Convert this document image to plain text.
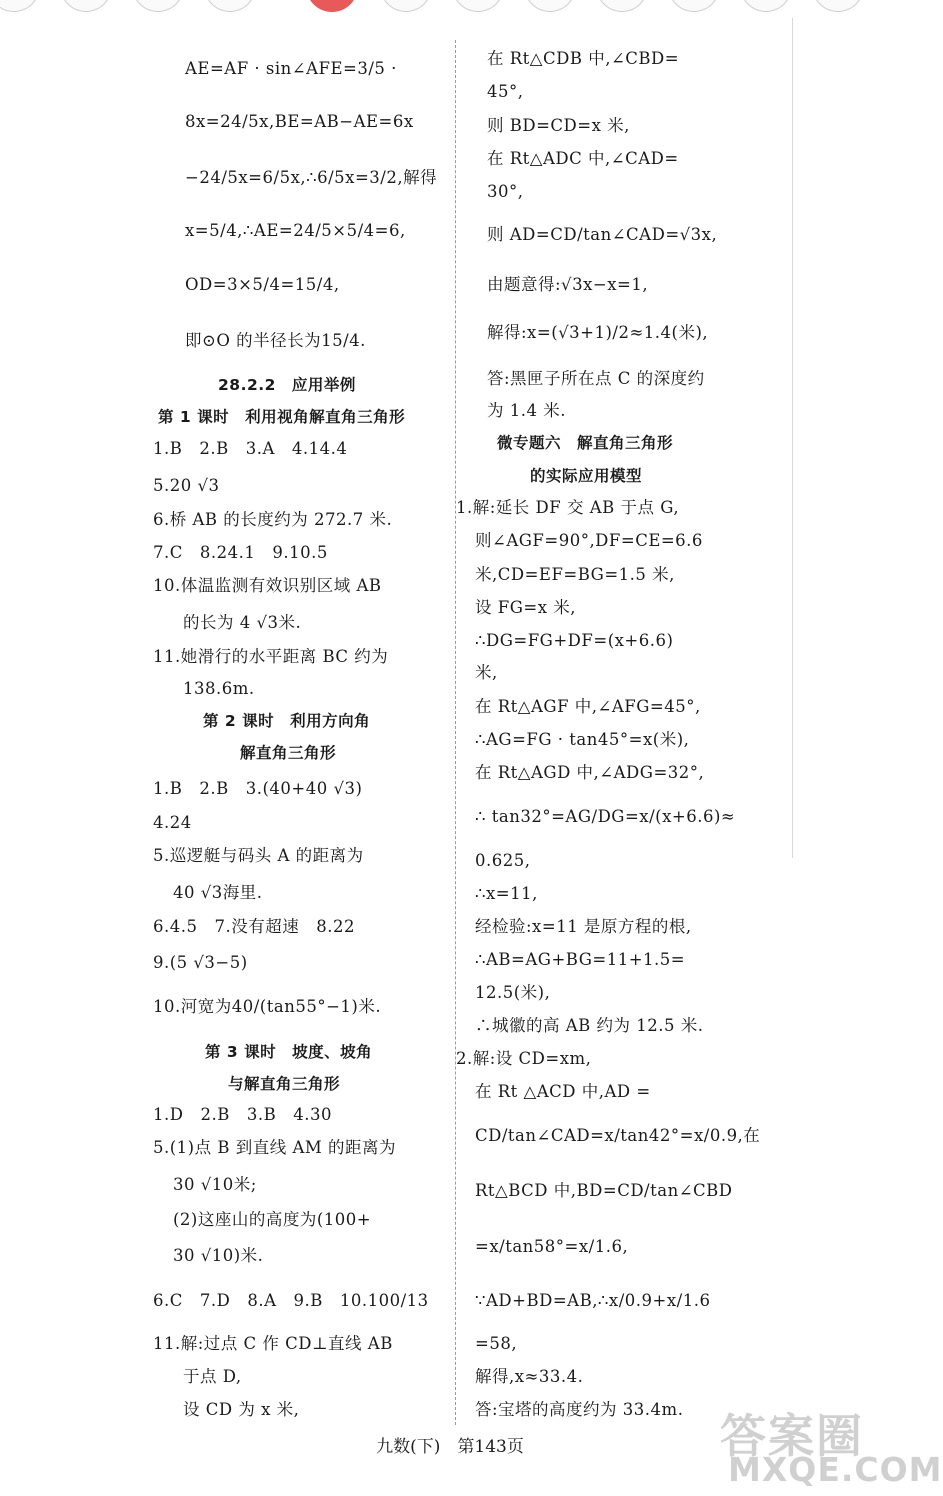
AE=AF · sin∠AFE=3/5 ·
8x=24/5x,BE=AB−AE=6x
−24/5x=6/5x,∴6/5x=3/2,解得
x=5/4,∴AE=24/5×5/4=6,
OD=3×5/4=15/4,
即⊙O 的半径长为15/4.
28.2.2　应用举例
第 1 课时　利用视角解直角三角形
1.B　2.B　3.A　4.14.4
5.20 √3
6.桥 AB 的长度约为 272.7 米.
7.C　8.24.1　9.10.5
10.体温监测有效识别区域 AB
的长为 4 √3米.
11.她滑行的水平距离 BC 约为
138.6m.
第 2 课时　利用方向角
解直角三角形
1.B　2.B　3.(40+40 √3)
4.24
5.巡逻艇与码头 A 的距离为
40 √3海里.
6.4.5　7.没有超速　8.22
9.(5 √3−5)
10.河宽为40/(tan55°−1)米.
第 3 课时　坡度、坡角
与解直角三角形
1.D　2.B　3.B　4.30
5.(1)点 B 到直线 AM 的距离为
30 √10米;
(2)这座山的高度为(100+
30 √10)米.
6.C　7.D　8.A　9.B　10.100/13
11.解:过点 C 作 CD⊥直线 AB
于点 D,
设 CD 为 x 米,
在 Rt△CDB 中,∠CBD=
45°,
则 BD=CD=x 米,
在 Rt△ADC 中,∠CAD=
30°,
则 AD=CD/tan∠CAD=√3x,
由题意得:√3x−x=1,
解得:x=(√3+1)/2≈1.4(米),
答:黑匣子所在点 C 的深度约
为 1.4 米.
微专题六　解直角三角形
的实际应用模型
1.解:延长 DF 交 AB 于点 G,
则∠AGF=90°,DF=CE=6.6
米,CD=EF=BG=1.5 米,
设 FG=x 米,
∴DG=FG+DF=(x+6.6)
米,
在 Rt△AGF 中,∠AFG=45°,
∴AG=FG · tan45°=x(米),
在 Rt△AGD 中,∠ADG=32°,
∴ tan32°=AG/DG=x/(x+6.6)≈
0.625,
∴x=11,
经检验:x=11 是原方程的根,
∴AB=AG+BG=11+1.5=
12.5(米),
∴城徽的高 AB 约为 12.5 米.
2.解:设 CD=xm,
在 Rt △ACD 中,AD =
CD/tan∠CAD=x/tan42°=x/0.9,在
Rt△BCD 中,BD=CD/tan∠CBD
=x/tan58°=x/1.6,
∵AD+BD=AB,∴x/0.9+x/1.6
=58,
解得,x≈33.4.
答:宝塔的高度约为 33.4m.
九数(下)　第143页	答案圈
MXQE.COM
